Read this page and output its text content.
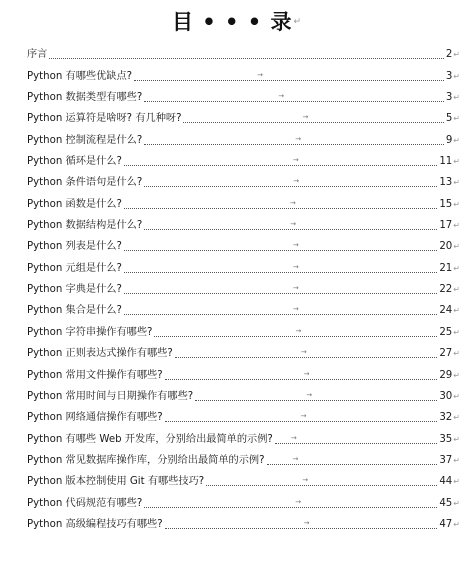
目 • • • 录↵
序言	2 ↵
Python 有哪些优缺点?	→	3 ↵
Python 数据类型有哪些?	→	3 ↵
Python 运算符是啥呀? 有几种呀?	→	5 ↵
Python 控制流程是什么?	→	9 ↵
Python 循环是什么?	→	11 ↵
Python 条件语句是什么?	→	13 ↵
Python 函数是什么?	→	15 ↵
Python 数据结构是什么?	→	17 ↵
Python 列表是什么?	→	20 ↵
Python 元组是什么?	→	21 ↵
Python 字典是什么?	→	22 ↵
Python 集合是什么?	→	24 ↵
Python 字符串操作有哪些?	→	25 ↵
Python 正则表达式操作有哪些?	→	27 ↵
Python 常用文件操作有哪些?	→	29 ↵
Python 常用时间与日期操作有哪些?	→	30 ↵
Python 网络通信操作有哪些?	→	32 ↵
Python 有哪些 Web 开发库，分别给出最简单的示例?	→	35 ↵
Python 常见数据库操作库，分别给出最简单的示例?	→	37 ↵
Python 版本控制使用 Git 有哪些技巧?	→	44 ↵
Python 代码规范有哪些?	→	45 ↵
Python 高级编程技巧有哪些?	→	47 ↵
